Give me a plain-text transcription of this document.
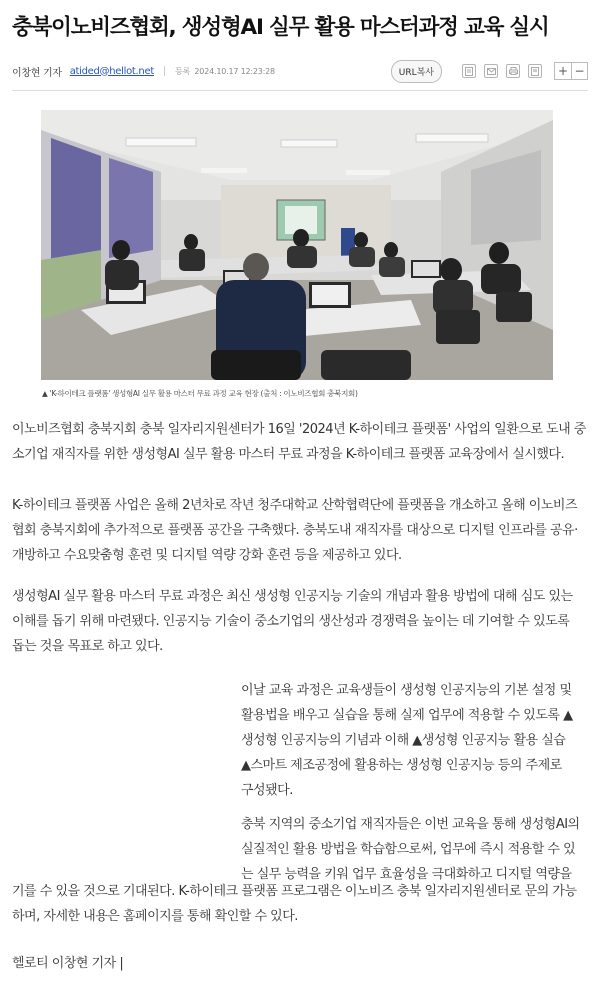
충북이노비즈협회, 생성형AI 실무 활용 마스터과정 교육 실시
이창현 기자 atided@hellot.net	등록 2024.10.17 12:23:28	URL복사	+ −
▲ 'K-하이테크 플랫폼' 생성형AI 실무 활용 마스터 무료 과정 교육 현장 (출처 : 이노비즈협회 충북지회)
이노비즈협회 충북지회 충북 일자리지원센터가 16일 '2024년 K-하이테크 플랫폼' 사업의 일환으로 도내 중
소기업 재직자를 위한 생성형AI 실무 활용 마스터 무료 과정을 K-하이테크 플랫폼 교육장에서 실시했다.
K-하이테크 플랫폼 사업은 올해 2년차로 작년 청주대학교 산학협력단에 플랫폼을 개소하고 올해 이노비즈
협회 충북지회에 추가적으로 플랫폼 공간을 구축했다. 충북도내 재직자를 대상으로 디지털 인프라를 공유·
개방하고 수요맞춤형 훈련 및 디지털 역량 강화 훈련 등을 제공하고 있다.
생성형AI 실무 활용 마스터 무료 과정은 최신 생성형 인공지능 기술의 개념과 활용 방법에 대해 심도 있는
이해를 돕기 위해 마련됐다. 인공지능 기술이 중소기업의 생산성과 경쟁력을 높이는 데 기여할 수 있도록
돕는 것을 목표로 하고 있다.
이날 교육 과정은 교육생들이 생성형 인공지능의 기본 설정 및
활용법을 배우고 실습을 통해 실제 업무에 적용할 수 있도록 ▲
생성형 인공지능의 기념과 이해 ▲생성형 인공지능 활용 실습
▲스마트 제조공정에 활용하는 생성형 인공지능 등의 주제로
구성됐다.
충북 지역의 중소기업 재직자들은 이번 교육을 통해 생성형AI의
실질적인 활용 방법을 학습함으로써, 업무에 즉시 적용할 수 있
는 실무 능력을 키워 업무 효율성을 극대화하고 디지털 역량을
기를 수 있을 것으로 기대된다. K-하이테크 플랫폼 프로그램은 이노비즈 충북 일자리지원센터로 문의 가능
하며, 자세한 내용은 홈페이지를 통해 확인할 수 있다.
헬로티 이창현 기자 |
